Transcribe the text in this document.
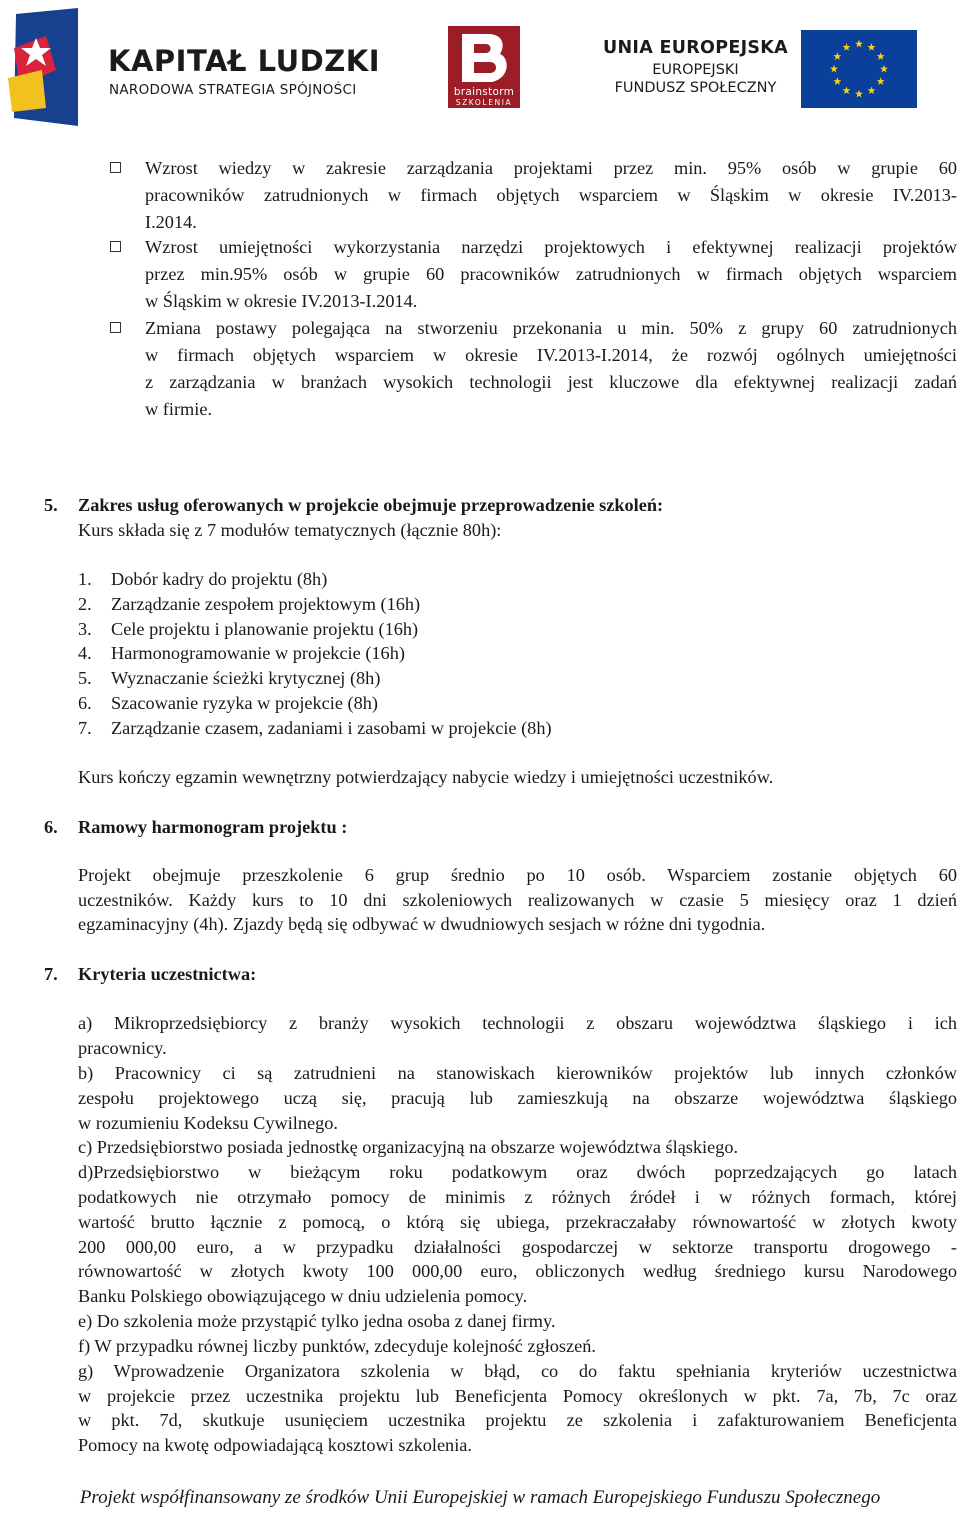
KAPITAŁ LUDZKI
NARODOWA STRATEGIA SPÓJNOŚCI	brainstorm
SZKOLENIA
UNIA EUROPEJSKA
EUROPEJSKI
FUNDUSZ SPOŁECZNY
Wzrost wiedzy w zakresie zarządzania projektami przez min. 95% osób w grupie 60
pracowników zatrudnionych w firmach objętych wsparciem w Śląskim w okresie IV.2013-
I.2014.
Wzrost umiejętności wykorzystania narzędzi projektowych i efektywnej realizacji projektów
przez min.95% osób w grupie 60 pracowników zatrudnionych w firmach objętych wsparciem
w Śląskim w okresie IV.2013-I.2014.
Zmiana postawy polegająca na stworzeniu przekonania u min. 50% z grupy 60 zatrudnionych
w firmach objętych wsparciem w okresie IV.2013-I.2014, że rozwój ogólnych umiejętności
z zarządzania w branżach wysokich technologii jest kluczowe dla efektywnej realizacji zadań
w firmie.
5. Zakres usług oferowanych w projekcie obejmuje przeprowadzenie szkoleń:
Kurs składa się z 7 modułów tematycznych (łącznie 80h):
1. Dobór kadry do projektu (8h)
2. Zarządzanie zespołem projektowym (16h)
3. Cele projektu i planowanie projektu (16h)
4. Harmonogramowanie w projekcie (16h)
5. Wyznaczanie ścieżki krytycznej (8h)
6. Szacowanie ryzyka w projekcie (8h)
7. Zarządzanie czasem, zadaniami i zasobami w projekcie (8h)
Kurs kończy egzamin wewnętrzny potwierdzający nabycie wiedzy i umiejętności uczestników.
6. Ramowy harmonogram projektu :
Projekt obejmuje przeszkolenie 6 grup średnio po 10 osób. Wsparciem zostanie objętych 60
uczestników. Każdy kurs to 10 dni szkoleniowych realizowanych w czasie 5 miesięcy oraz 1 dzień
egzaminacyjny (4h). Zjazdy będą się odbywać w dwudniowych sesjach w różne dni tygodnia.
7. Kryteria uczestnictwa:
a) Mikroprzedsiębiorcy z branży wysokich technologii z obszaru województwa śląskiego i ich
pracownicy.
b) Pracownicy ci są zatrudnieni na stanowiskach kierowników projektów lub innych członków
zespołu projektowego uczą się, pracują lub zamieszkują na obszarze województwa śląskiego
w rozumieniu Kodeksu Cywilnego.
c) Przedsiębiorstwo posiada jednostkę organizacyjną na obszarze województwa śląskiego.
d)Przedsiębiorstwo w bieżącym roku podatkowym oraz dwóch poprzedzających go latach
podatkowych nie otrzymało pomocy de minimis z różnych źródeł i w różnych formach, której
wartość brutto łącznie z pomocą, o którą się ubiega, przekraczałaby równowartość w złotych kwoty
200 000,00 euro, a w przypadku działalności gospodarczej w sektorze transportu drogowego -
równowartość w złotych kwoty 100 000,00 euro, obliczonych według średniego kursu Narodowego
Banku Polskiego obowiązującego w dniu udzielenia pomocy.
e) Do szkolenia może przystąpić tylko jedna osoba z danej firmy.
f) W przypadku równej liczby punktów, zdecyduje kolejność zgłoszeń.
g) Wprowadzenie Organizatora szkolenia w błąd, co do faktu spełniania kryteriów uczestnictwa
w projekcie przez uczestnika projektu lub Beneficjenta Pomocy określonych w pkt. 7a, 7b, 7c oraz
w pkt. 7d, skutkuje usunięciem uczestnika projektu ze szkolenia i zafakturowaniem Beneficjenta
Pomocy na kwotę odpowiadającą kosztowi szkolenia.
Projekt współfinansowany ze środków Unii Europejskiej w ramach Europejskiego Funduszu Społecznego
